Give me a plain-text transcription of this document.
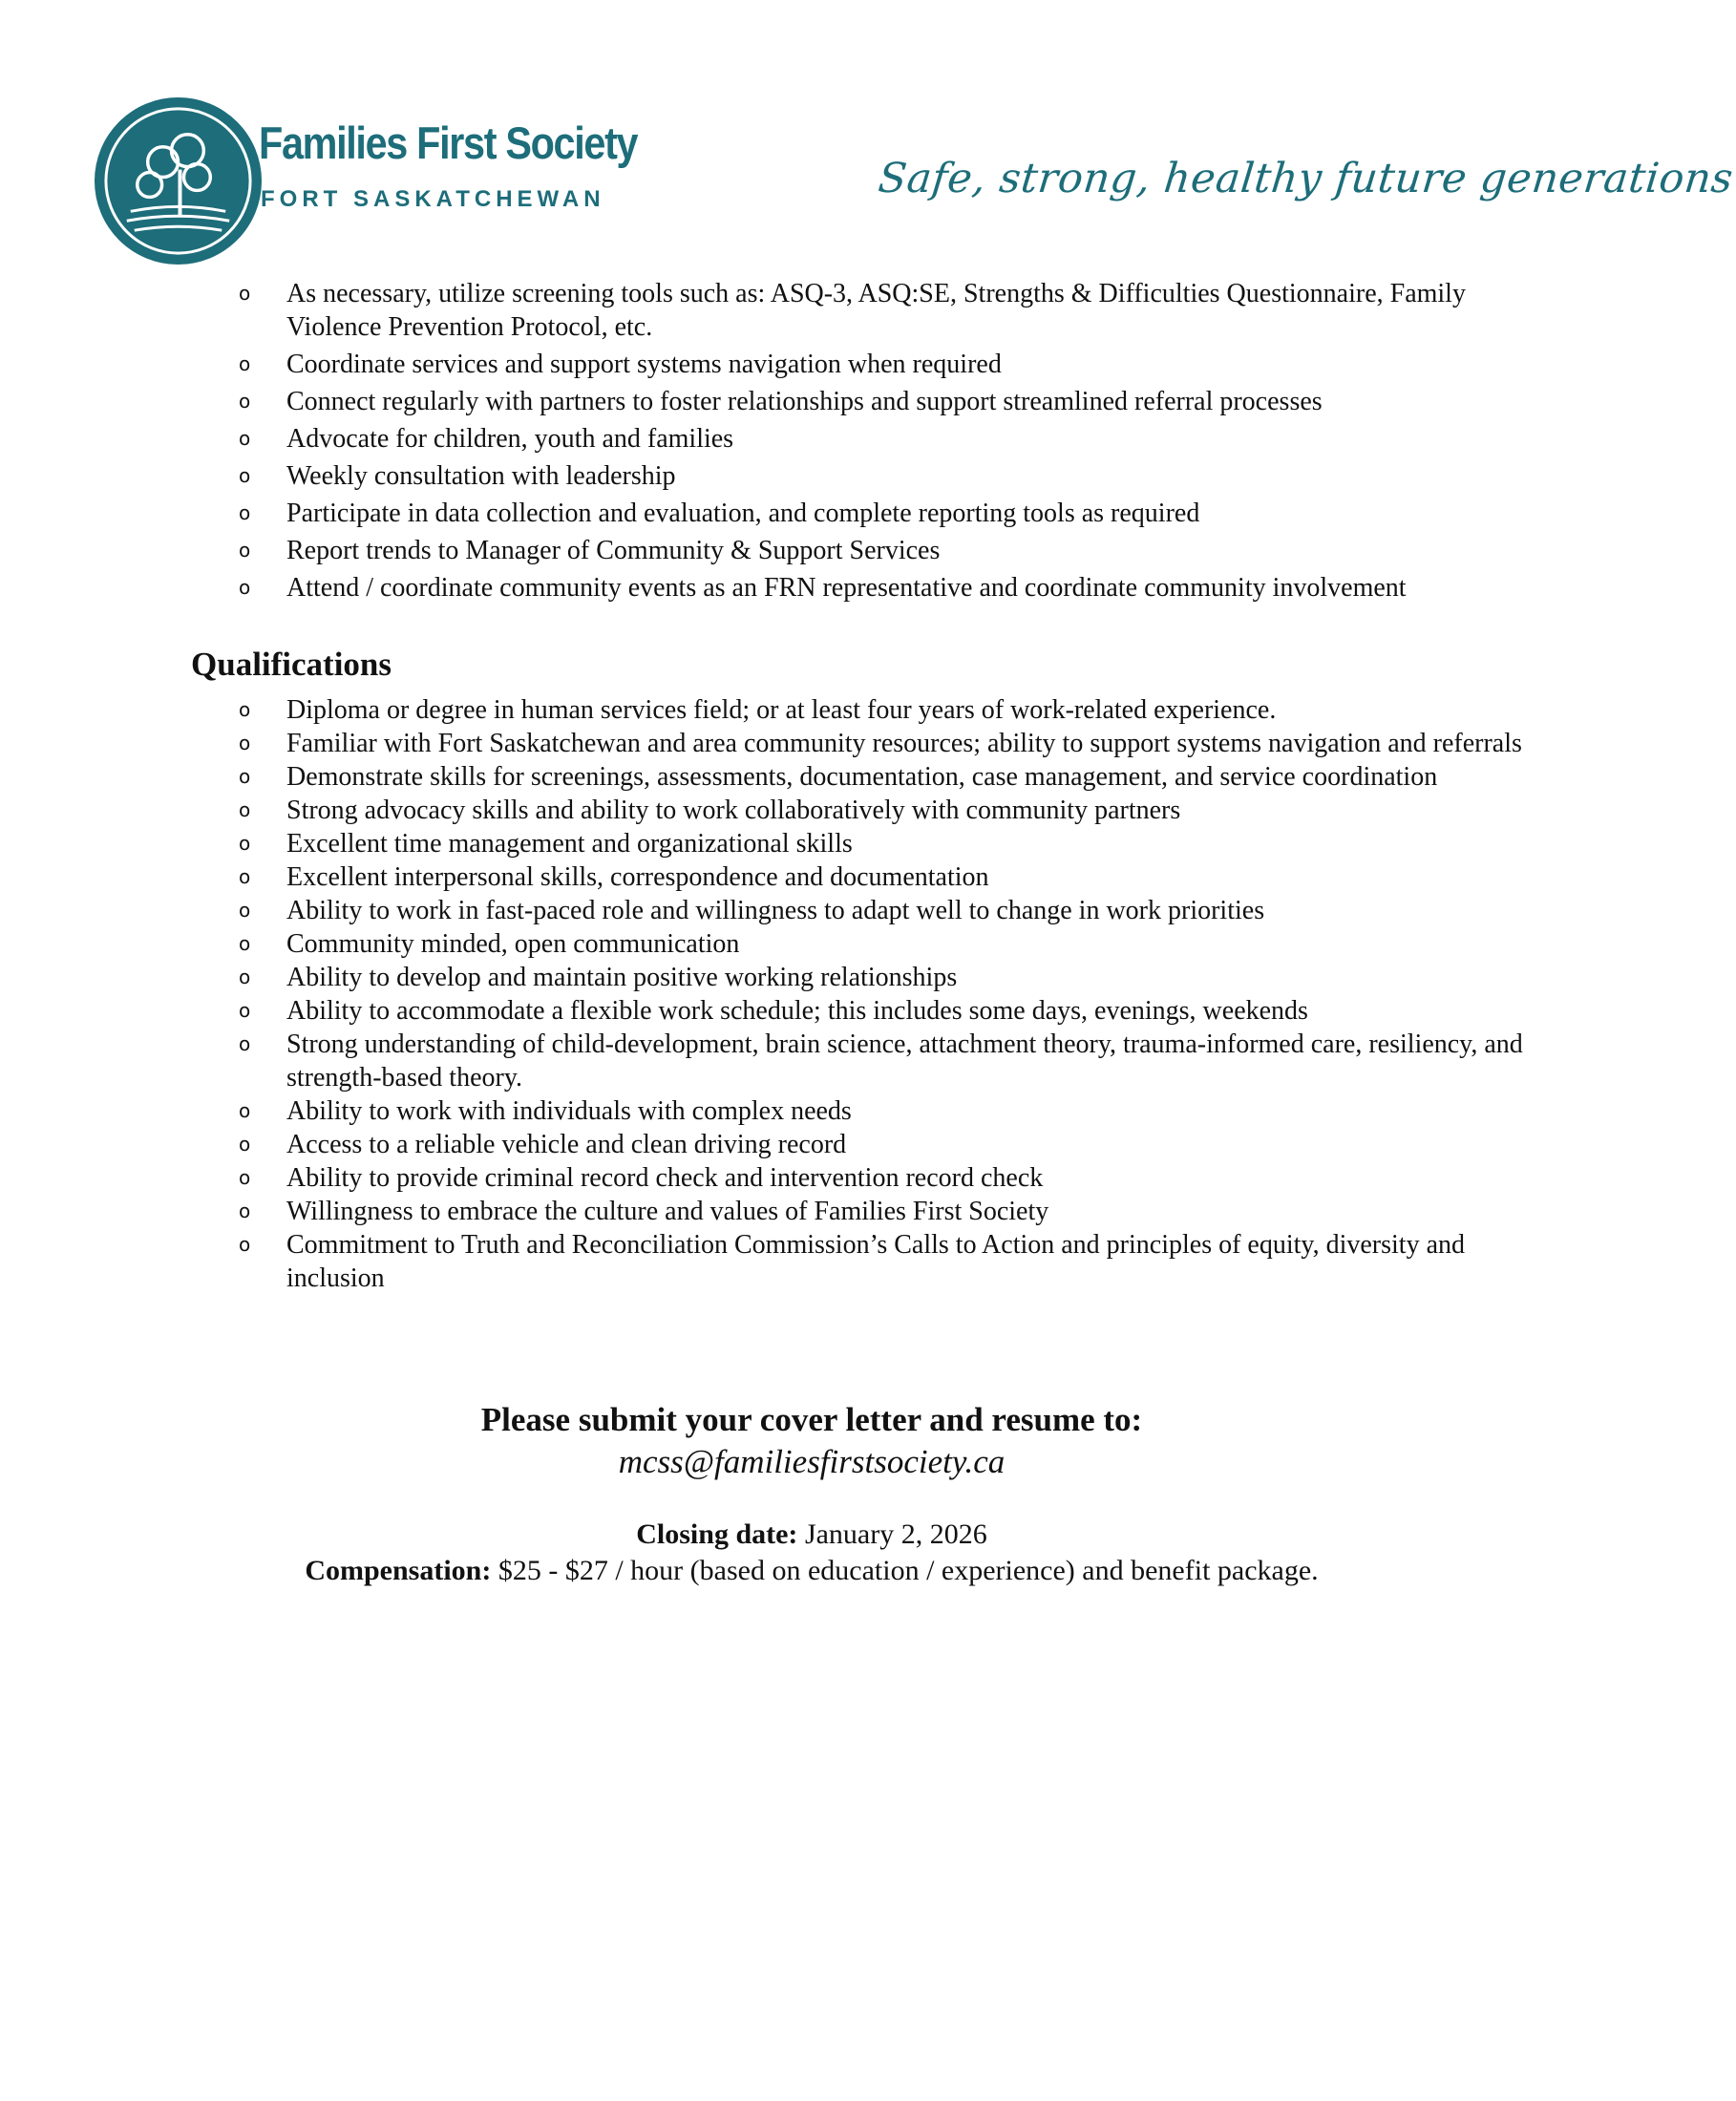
Families First Society
FORT SASKATCHEWAN	Safe, strong, healthy future generations
o As necessary, utilize screening tools such as: ASQ-3, ASQ:SE, Strengths & Difficulties Questionnaire, Family Violence Prevention Protocol, etc.
o Coordinate services and support systems navigation when required
o Connect regularly with partners to foster relationships and support streamlined referral processes
o Advocate for children, youth and families
o Weekly consultation with leadership
o Participate in data collection and evaluation, and complete reporting tools as required
o Report trends to Manager of Community & Support Services
o Attend / coordinate community events as an FRN representative and coordinate community involvement
Qualifications
o Diploma or degree in human services field; or at least four years of work-related experience.
o Familiar with Fort Saskatchewan and area community resources; ability to support systems navigation and referrals
o Demonstrate skills for screenings, assessments, documentation, case management, and service coordination
o Strong advocacy skills and ability to work collaboratively with community partners
o Excellent time management and organizational skills
o Excellent interpersonal skills, correspondence and documentation
o Ability to work in fast-paced role and willingness to adapt well to change in work priorities
o Community minded, open communication
o Ability to develop and maintain positive working relationships
o Ability to accommodate a flexible work schedule; this includes some days, evenings, weekends
o Strong understanding of child-development, brain science, attachment theory, trauma-informed care, resiliency, and strength-based theory.
o Ability to work with individuals with complex needs
o Access to a reliable vehicle and clean driving record
o Ability to provide criminal record check and intervention record check
o Willingness to embrace the culture and values of Families First Society
o Commitment to Truth and Reconciliation Commission’s Calls to Action and principles of equity, diversity and inclusion
Please submit your cover letter and resume to:
mcss@familiesfirstsociety.ca
Closing date: January 2, 2026
Compensation: $25 - $27 / hour (based on education / experience) and benefit package.
